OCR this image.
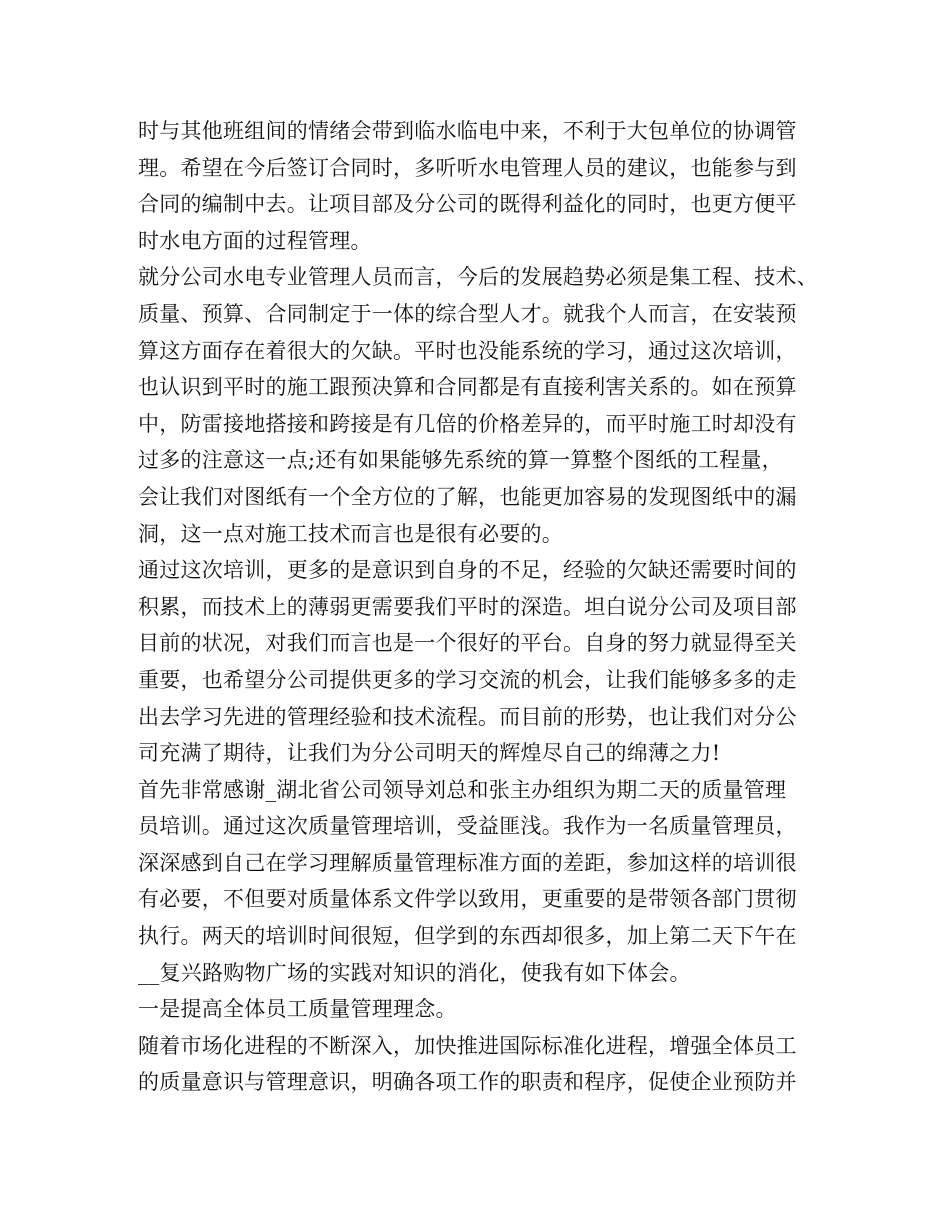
时与其他班组间的情绪会带到临水临电中来，不利于大包单位的协调管
理。希望在今后签订合同时，多听听水电管理人员的建议，也能参与到
合同的编制中去。让项目部及分公司的既得利益化的同时，也更方便平
时水电方面的过程管理。
就分公司水电专业管理人员而言，今后的发展趋势必须是集工程、技术、
质量、预算、合同制定于一体的综合型人才。就我个人而言，在安装预
算这方面存在着很大的欠缺。平时也没能系统的学习，通过这次培训，
也认识到平时的施工跟预决算和合同都是有直接利害关系的。如在预算
中，防雷接地搭接和跨接是有几倍的价格差异的，而平时施工时却没有
过多的注意这一点;还有如果能够先系统的算一算整个图纸的工程量，
会让我们对图纸有一个全方位的了解，也能更加容易的发现图纸中的漏
洞，这一点对施工技术而言也是很有必要的。
通过这次培训，更多的是意识到自身的不足，经验的欠缺还需要时间的
积累，而技术上的薄弱更需要我们平时的深造。坦白说分公司及项目部
目前的状况，对我们而言也是一个很好的平台。自身的努力就显得至关
重要，也希望分公司提供更多的学习交流的机会，让我们能够多多的走
出去学习先进的管理经验和技术流程。而目前的形势，也让我们对分公
司充满了期待，让我们为分公司明天的辉煌尽自己的绵薄之力!
首先非常感谢_湖北省公司领导刘总和张主办组织为期二天的质量管理
员培训。通过这次质量管理培训，受益匪浅。我作为一名质量管理员，
深深感到自己在学习理解质量管理标准方面的差距，参加这样的培训很
有必要，不但要对质量体系文件学以致用，更重要的是带领各部门贯彻
执行。两天的培训时间很短，但学到的东西却很多，加上第二天下午在
__复兴路购物广场的实践对知识的消化，使我有如下体会。
一是提高全体员工质量管理理念。
随着市场化进程的不断深入，加快推进国际标准化进程，增强全体员工
的质量意识与管理意识，明确各项工作的职责和程序，促使企业预防并
